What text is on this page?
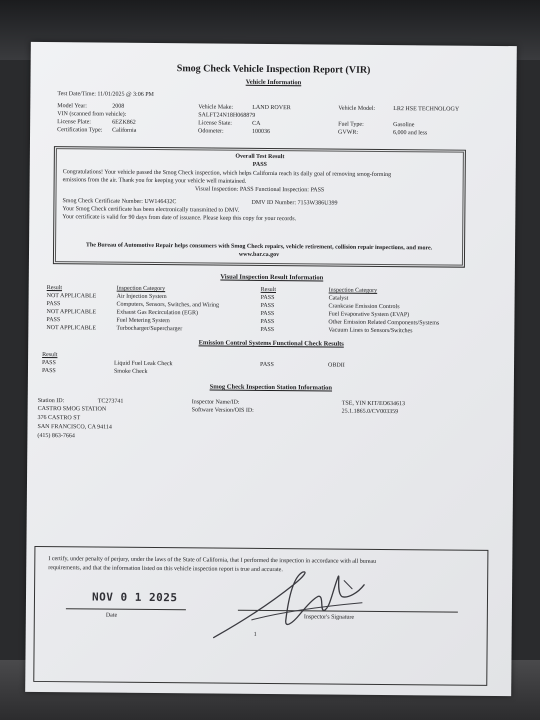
Smog Check Vehicle Inspection Report (VIR)
Vehicle Information
Test Date/Time: 11/01/2025 @ 3:06 PM
Model Year:	2008	Vehicle Make:	LAND ROVER	Vehicle Model:	LR2 HSE TECHNOLOGY
VIN (scanned from vehicle):	SALFT24N18H068879
License Plate:	6EZK862	License State:	CA	Fuel Type:	Gasoline
Certification Type: California	Odometer:	100036	GVWR:	6,000 and less
Overall Test Result
PASS
Congratulations! Your vehicle passed the Smog Check inspection, which helps California reach its daily goal of removing smog-forming
emissions from the air. Thank you for keeping your vehicle well maintained.
Visual Inspection: PASS Functional Inspection: PASS
Smog Check Certificate Number: UW146432C	DMV ID Number: 7153W386U399
Your Smog Check certificate has been electronically transmitted to DMV.
Your certificate is valid for 90 days from date of issuance. Please keep this copy for your records.
The Bureau of Automotive Repair helps consumers with Smog Check repairs, vehicle retirement, collision repair inspections, and more.
www.bar.ca.gov
Visual Inspection Result Information
Result	Inspection Category	Result	Inspection Category
NOT APPLICABLE	Air Injection System	PASS	Catalyst
PASS	Computers, Sensors, Switches, and Wiring	PASS	Crankcase Emission Controls
NOT APPLICABLE	Exhaust Gas Recirculation (EGR)	PASS	Fuel Evaporative System (EVAP)
PASS	Fuel Metering System	PASS	Other Emission Related Components/Systems
NOT APPLICABLE	Turbocharger/Supercharger	PASS	Vacuum Lines to Sensors/Switches
Emission Control Systems Functional Check Results
Result
PASS	Liquid Fuel Leak Check	PASS	OBDII
PASS	Smoke Check
Smog Check Inspection Station Information
Station ID:	TC273741
CASTRO SMOG STATION
376 CASTRO ST
SAN FRANCISCO, CA 94114
(415) 863-7664
Inspector Name/ID:	TSE, YIN KIT/EO634613
Software Version/OIS ID:	25.1.1865.0/CV003359
I certify, under penalty of perjury, under the laws of the State of California, that I performed the inspection in accordance with all bureau
requirements, and that the information listed on this vehicle inspection report is true and accurate.
NOV 0 1 2025
Date	Inspector's Signature
1
